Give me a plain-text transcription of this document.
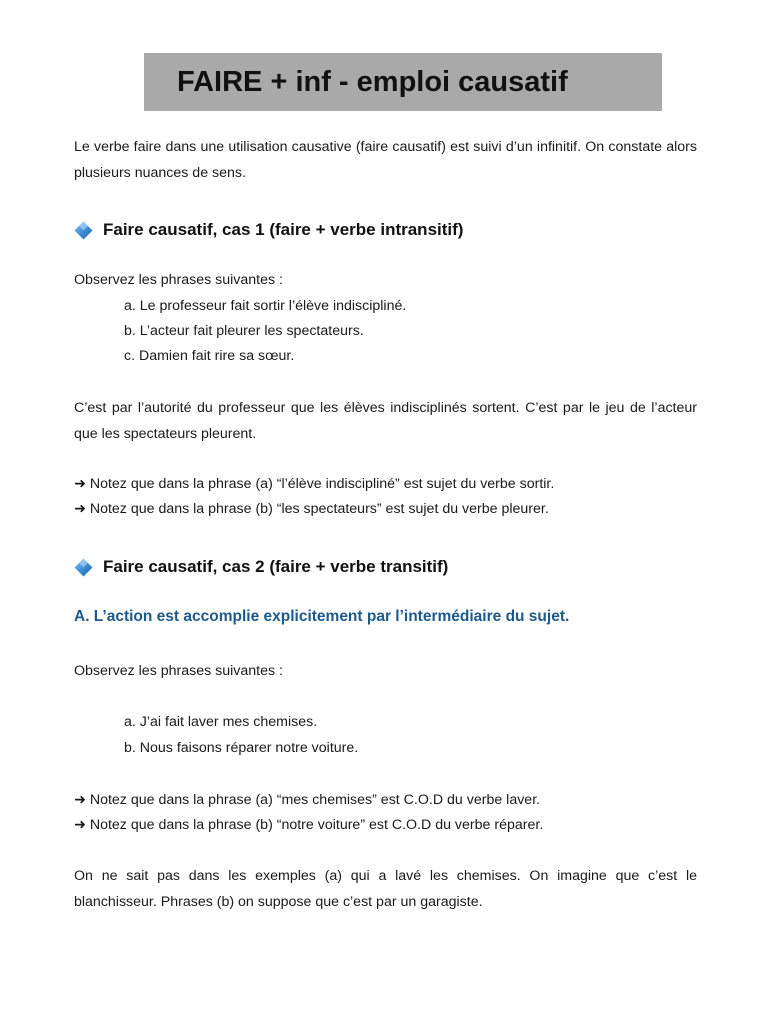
FAIRE + inf - emploi causatif
Le verbe faire dans une utilisation causative (faire causatif) est suivi d’un infinitif. On constate alors plusieurs nuances de sens.
Faire causatif, cas 1 (faire + verbe intransitif)
Observez les phrases suivantes :
a. Le professeur fait sortir l’élève indiscipliné.
b. L’acteur fait pleurer les spectateurs.
c. Damien fait rire sa sœur.
C’est par l’autorité du professeur que les élèves indisciplinés sortent. C’est par le jeu de l’acteur que les spectateurs pleurent.
➜ Notez que dans la phrase (a) “l’élève indiscipliné” est sujet du verbe sortir.
➜ Notez que dans la phrase (b) “les spectateurs” est sujet du verbe pleurer.
Faire causatif, cas 2 (faire + verbe transitif)
A. L’action est accomplie explicitement par l’intermédiaire du sujet.
Observez les phrases suivantes :
a. J’ai fait laver mes chemises.
b. Nous faisons réparer notre voiture.
➜ Notez que dans la phrase (a) “mes chemises” est C.O.D du verbe laver.
➜ Notez que dans la phrase (b) “notre voiture” est C.O.D du verbe réparer.
On ne sait pas dans les exemples (a) qui a lavé les chemises. On imagine que c’est le blanchisseur. Phrases (b) on suppose que c’est par un garagiste.
